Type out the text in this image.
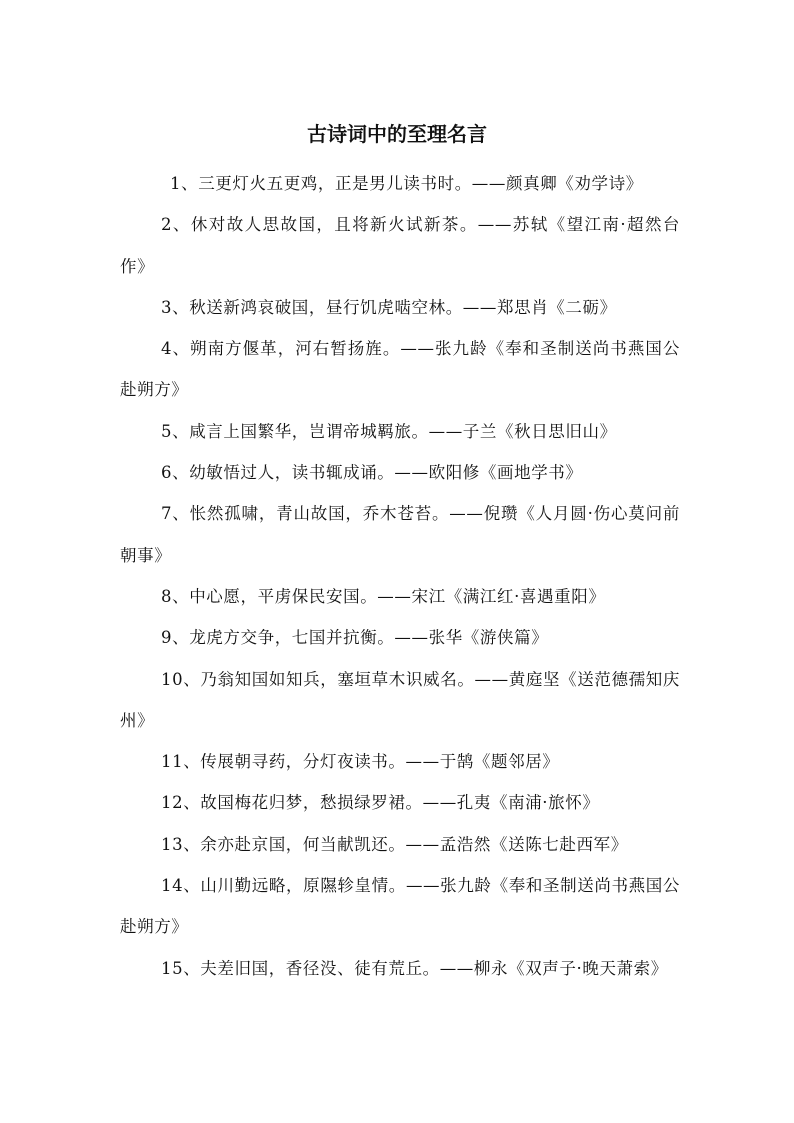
古诗词中的至理名言

1、三更灯火五更鸡，正是男儿读书时。——颜真卿《劝学诗》

2、休对故人思故国，且将新火试新茶。——苏轼《望江南·超然台作》

3、秋送新鸿哀破国，昼行饥虎啮空林。——郑思肖《二砺》

4、朔南方偃革，河右暂扬旌。——张九龄《奉和圣制送尚书燕国公赴朔方》

5、咸言上国繁华，岂谓帝城羁旅。——子兰《秋日思旧山》

6、幼敏悟过人，读书辄成诵。——欧阳修《画地学书》

7、怅然孤啸，青山故国，乔木苍苔。——倪瓒《人月圆·伤心莫问前朝事》

8、中心愿，平虏保民安国。——宋江《满江红·喜遇重阳》

9、龙虎方交争，七国并抗衡。——张华《游侠篇》

10、乃翁知国如知兵，塞垣草木识威名。——黄庭坚《送范德孺知庆州》

11、传展朝寻药，分灯夜读书。——于鹄《题邻居》

12、故国梅花归梦，愁损绿罗裙。——孔夷《南浦·旅怀》

13、余亦赴京国，何当献凯还。——孟浩然《送陈七赴西军》

14、山川勤远略，原隰轸皇情。——张九龄《奉和圣制送尚书燕国公赴朔方》

15、夫差旧国，香径没、徒有荒丘。——柳永《双声子·晚天萧索》
